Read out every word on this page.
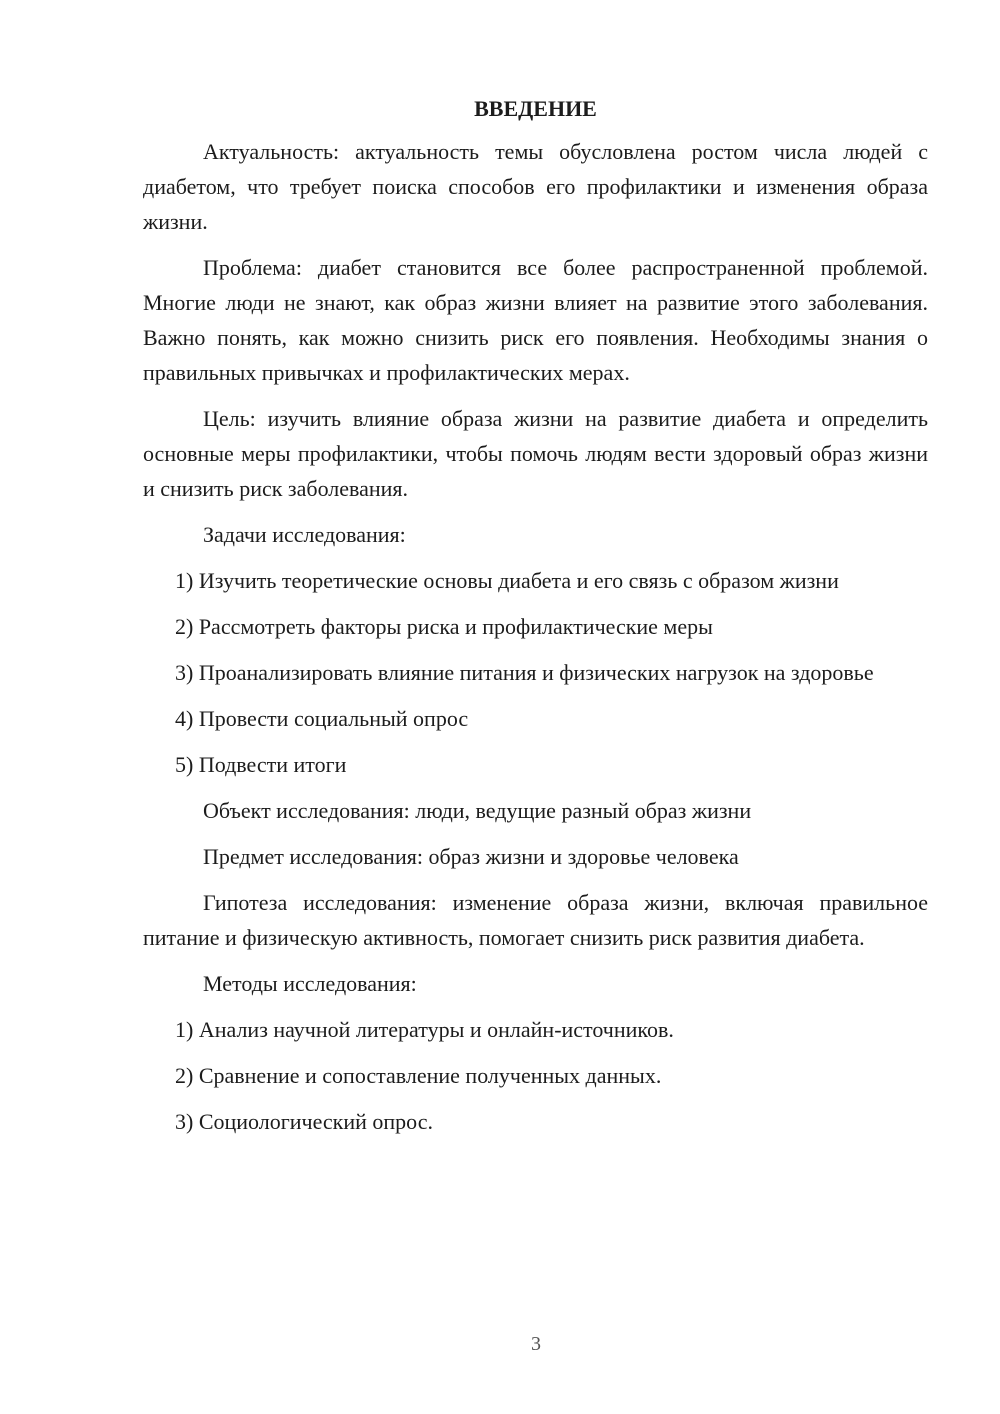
ВВЕДЕНИЕ

Актуальность: актуальность темы обусловлена ростом числа людей с диабетом, что требует поиска способов его профилактики и изменения образа жизни.

Проблема: диабет становится все более распространенной проблемой. Многие люди не знают, как образ жизни влияет на развитие этого заболевания. Важно понять, как можно снизить риск его появления. Необходимы знания о правильных привычках и профилактических мерах.

Цель: изучить влияние образа жизни на развитие диабета и определить основные меры профилактики, чтобы помочь людям вести здоровый образ жизни и снизить риск заболевания.

Задачи исследования:

1) Изучить теоретические основы диабета и его связь с образом жизни

2) Рассмотреть факторы риска и профилактические меры

3) Проанализировать влияние питания и физических нагрузок на здоровье

4) Провести социальный опрос

5) Подвести итоги

Объект исследования: люди, ведущие разный образ жизни

Предмет исследования: образ жизни и здоровье человека

Гипотеза исследования: изменение образа жизни, включая правильное питание и физическую активность, помогает снизить риск развития диабета.

Методы исследования:

1) Анализ научной литературы и онлайн-источников.

2) Сравнение и сопоставление полученных данных.

3) Социологический опрос.

3
